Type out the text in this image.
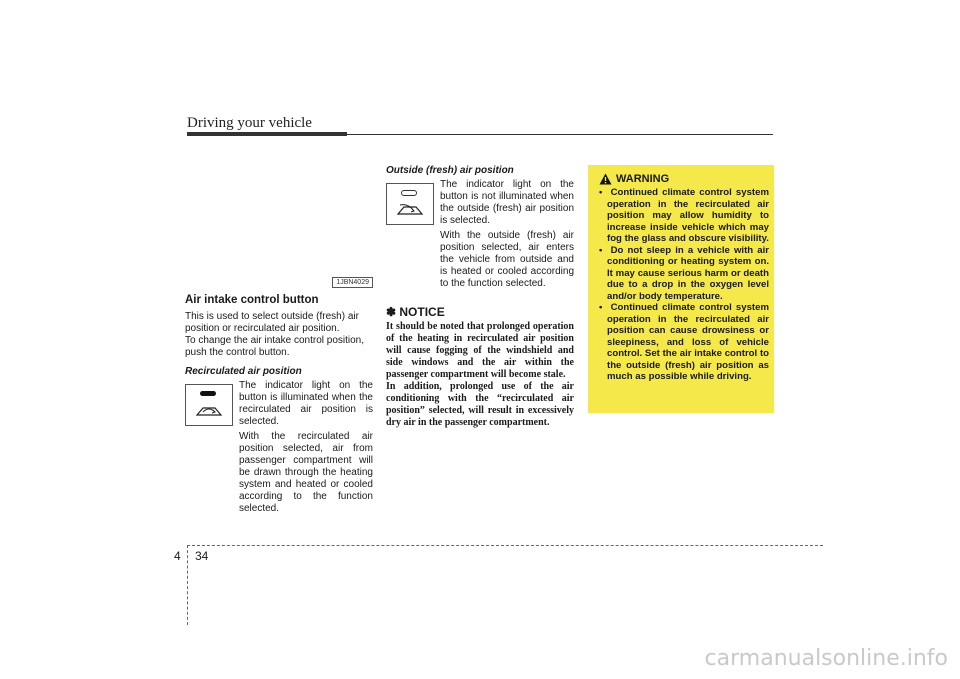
Driving your vehicle
1JBN4029
Air intake control button

This is used to select outside (fresh) air position or recirculated air position.

To change the air intake control position, push the control button.

Recirculated air position

The indicator light on the button is illuminated when the recirculated air position is selected.

With the recirculated air position selected, air from passenger compartment will be drawn through the heating system and heated or cooled according to the function selected.

Outside (fresh) air position

The indicator light on the button is not illuminated when the outside (fresh) air position is selected.

With the outside (fresh) air position selected, air enters the vehicle from outside and is heated or cooled according to the function selected.

✽ NOTICE
It should be noted that prolonged operation of the heating in recirculated air position will cause fogging of the windshield and side windows and the air within the passenger compartment will become stale.
In addition, prolonged use of the air conditioning with the “recirculated air position” selected, will result in excessively dry air in the passenger compartment.
WARNING
•  Continued climate control system operation in the recirculated air position may allow humidity to increase inside vehicle which may fog the glass and obscure visibility.
•  Do not sleep in a vehicle with air conditioning or heating system on. It may cause serious harm or death due to a drop in the oxygen level and/or body temperature.
•  Continued climate control system operation in the recirculated air position can cause drowsiness or sleepiness, and loss of vehicle control. Set the air intake control to the outside (fresh) air position as much as possible while driving.
4 34
carmanualsonline.info
